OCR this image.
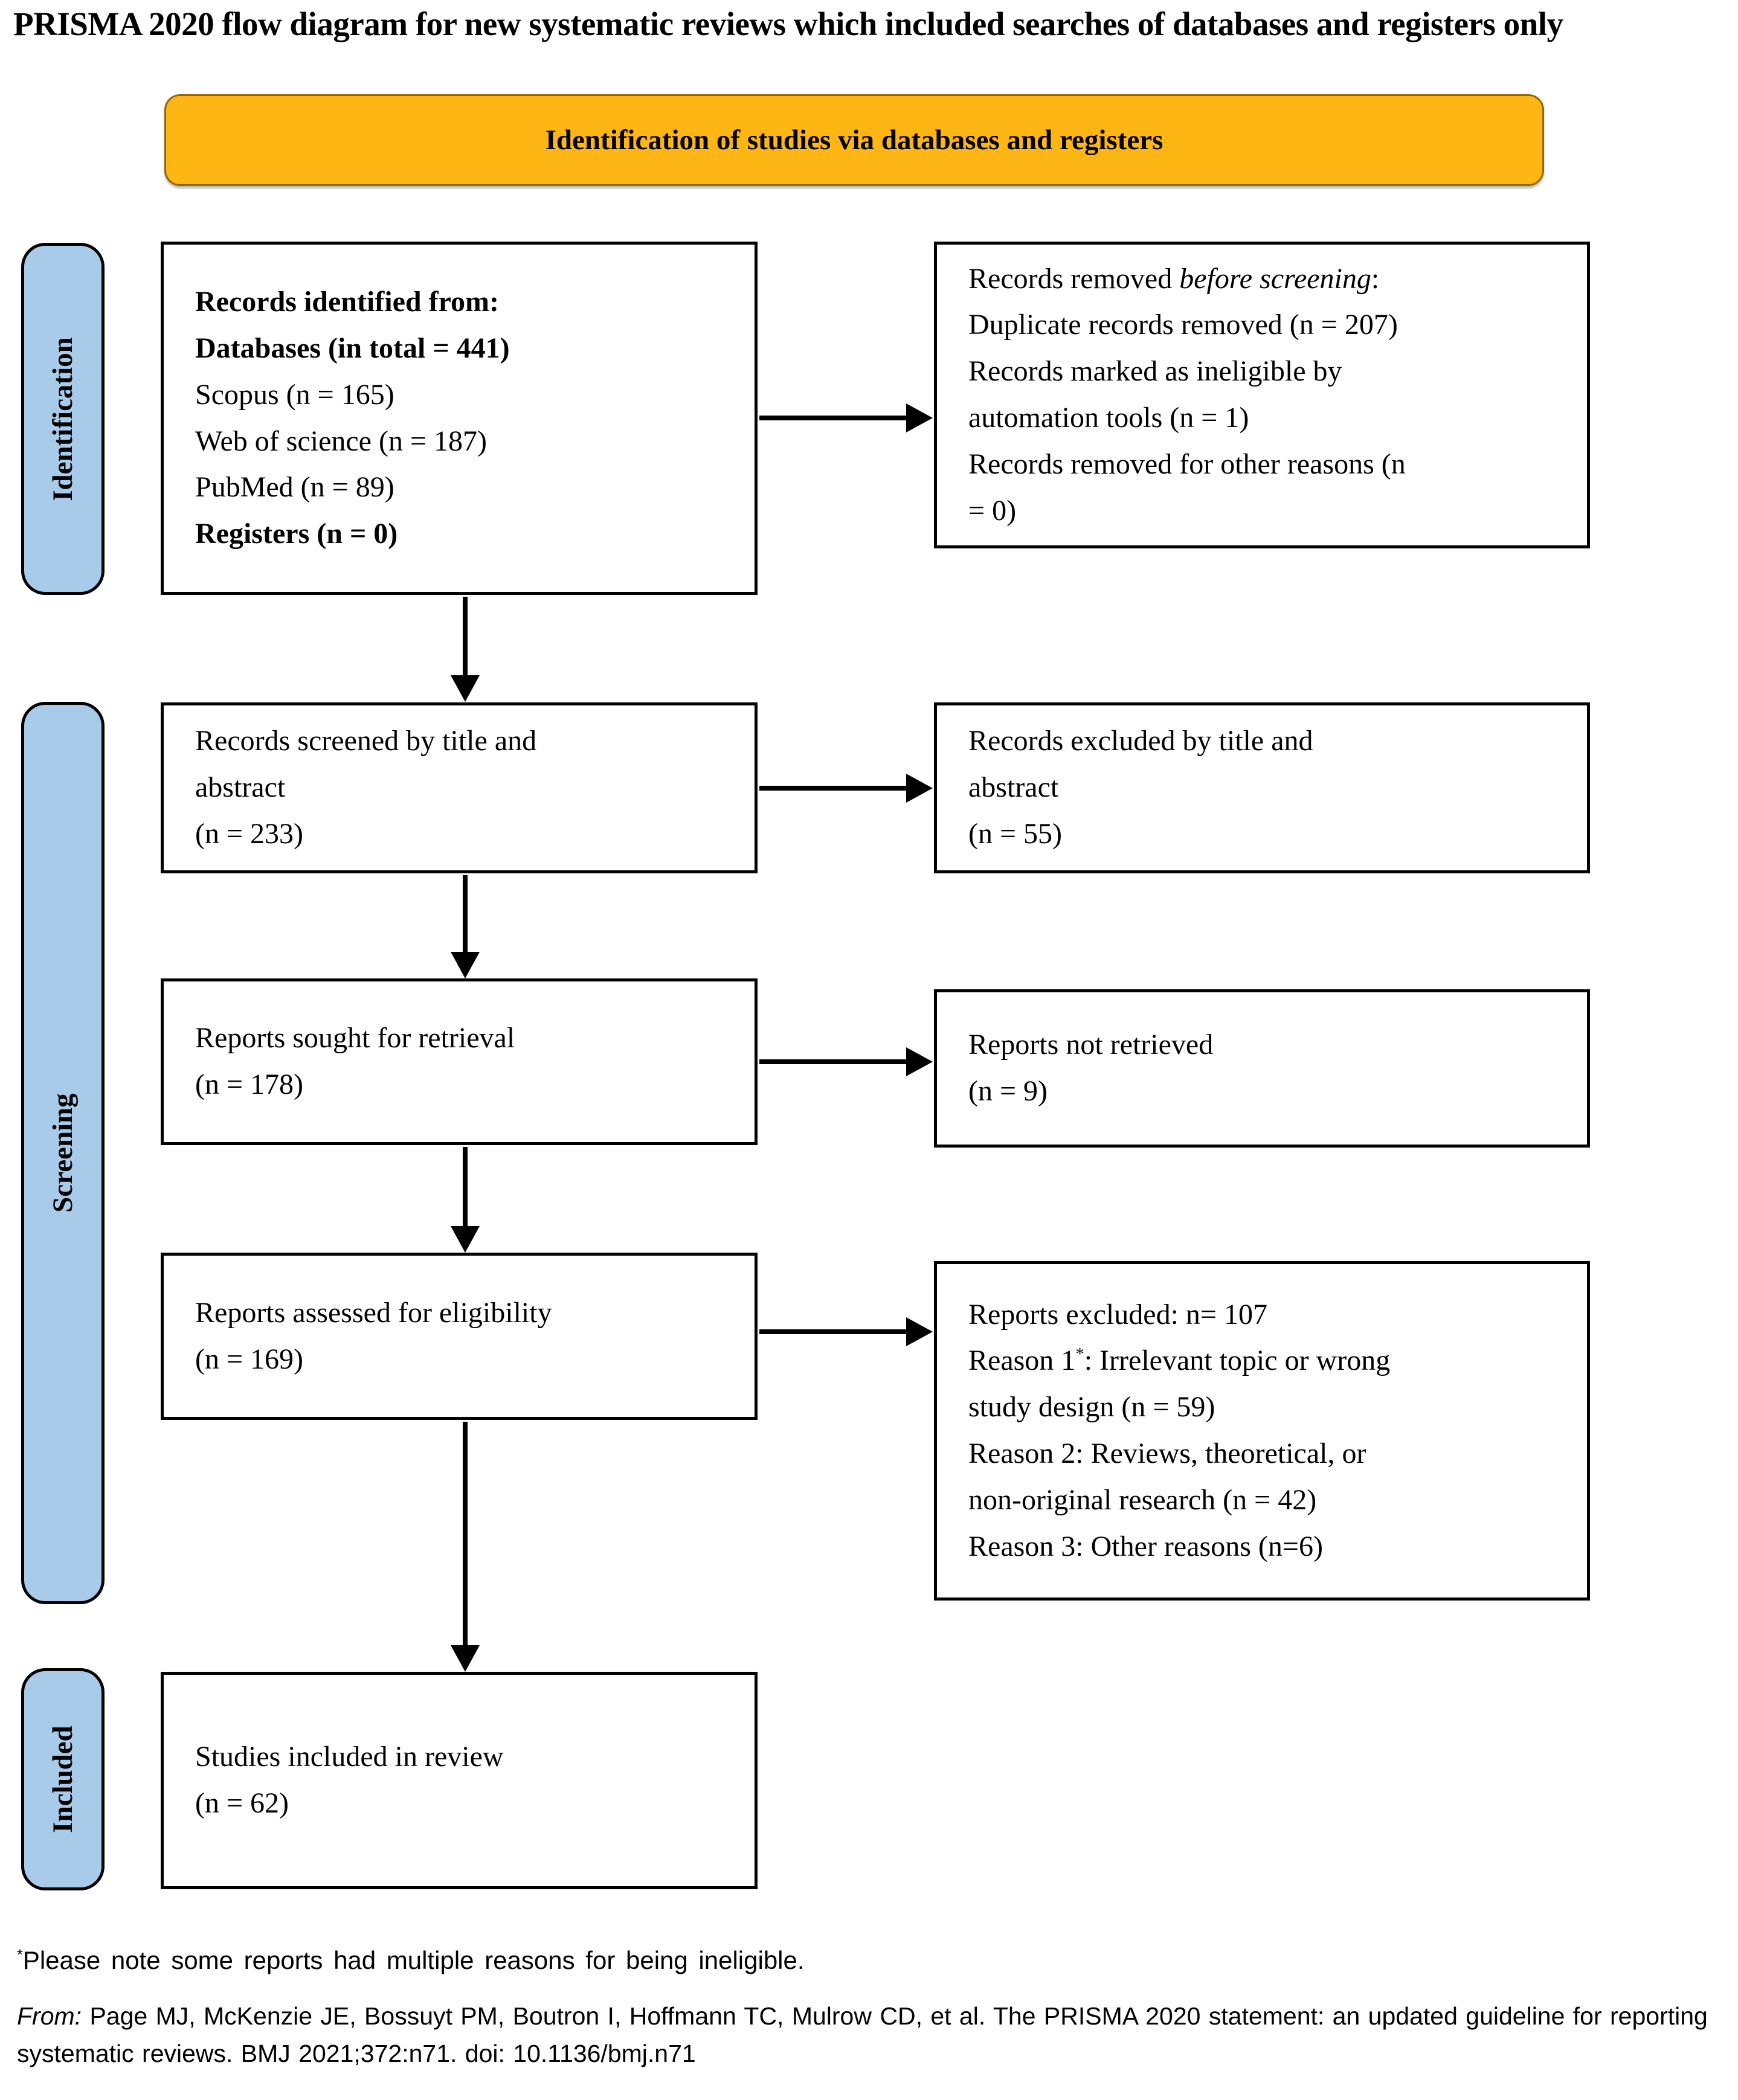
PRISMA 2020 flow diagram for new systematic reviews which included searches of databases and registers only
Identification of studies via databases and registers
Identification
Screening
Included
Records identified from:
Databases (in total = 441)
Scopus (n = 165)
Web of science (n = 187)
PubMed (n = 89)
Registers (n = 0)
Records screened by title and
abstract
(n = 233)
Reports sought for retrieval
(n = 178)
Reports assessed for eligibility
(n = 169)
Studies included in review
(n = 62)
Records removed before screening:
Duplicate records removed (n = 207)
Records marked as ineligible by
automation tools (n = 1)
Records removed for other reasons (n
= 0)
Records excluded by title and
abstract
(n = 55)
Reports not retrieved
(n = 9)
Reports excluded: n= 107
Reason 1*: Irrelevant topic or wrong
study design (n = 59)
Reason 2: Reviews, theoretical, or
non-original research (n = 42)
Reason 3: Other reasons (n=6)
*Please note some reports had multiple reasons for being ineligible.
From: Page MJ, McKenzie JE, Bossuyt PM, Boutron I, Hoffmann TC, Mulrow CD, et al. The PRISMA 2020 statement: an updated guideline for reporting systematic reviews. BMJ 2021;372:n71. doi: 10.1136/bmj.n71
